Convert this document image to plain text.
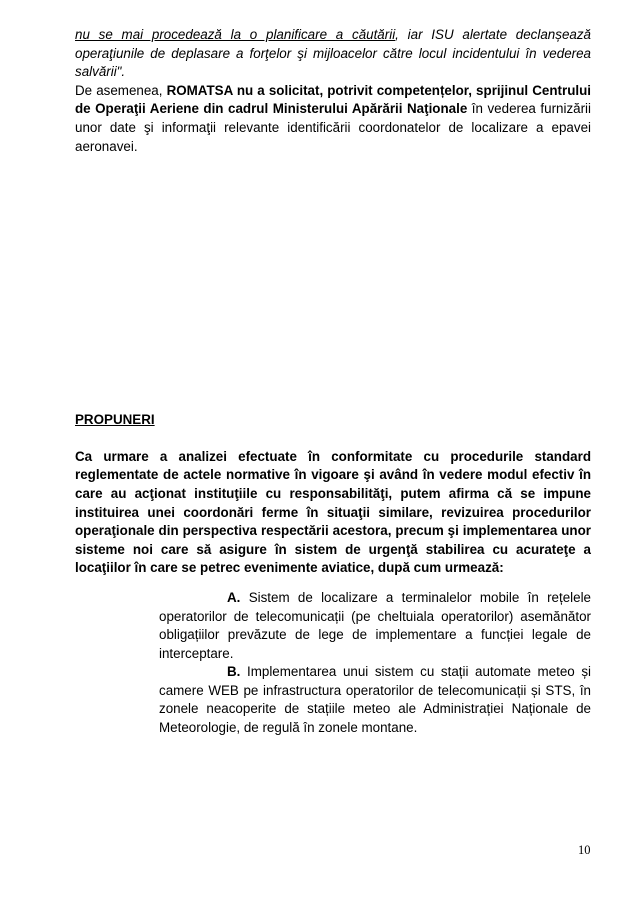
nu se mai procedează la o planificare a căutării, iar ISU alertate declanșează operaţiunile de deplasare a forţelor şi mijloacelor către locul incidentului în vederea salvării".

De asemenea, ROMATSA nu a solicitat, potrivit competențelor, sprijinul Centrului de Operaţii Aeriene din cadrul Ministerului Apărării Naţionale în vederea furnizării unor date şi informaţii relevante identificării coordonatelor de localizare a epavei aeronavei.

PROPUNERI

Ca urmare a analizei efectuate în conformitate cu procedurile standard reglementate de actele normative în vigoare şi având în vedere modul efectiv în care au acţionat instituţiile cu responsabilităţi, putem afirma că se impune instituirea unei coordonări ferme în situaţii similare, revizuirea procedurilor operaţionale din perspectiva respectării acestora, precum şi implementarea unor sisteme noi care să asigure în sistem de urgenţă stabilirea cu acurateţe a locaţiilor în care se petrec evenimente aviatice, după cum urmează:

A. Sistem de localizare a terminalelor mobile în rețelele operatorilor de telecomunicații (pe cheltuiala operatorilor) asemănător obligațiilor prevăzute de lege de implementare a funcției legale de interceptare.

B. Implementarea unui sistem cu stații automate meteo și camere WEB pe infrastructura operatorilor de telecomunicații și STS, în zonele neacoperite de stațiile meteo ale Administrației Naționale de Meteorologie, de regulă în zonele montane.

10
